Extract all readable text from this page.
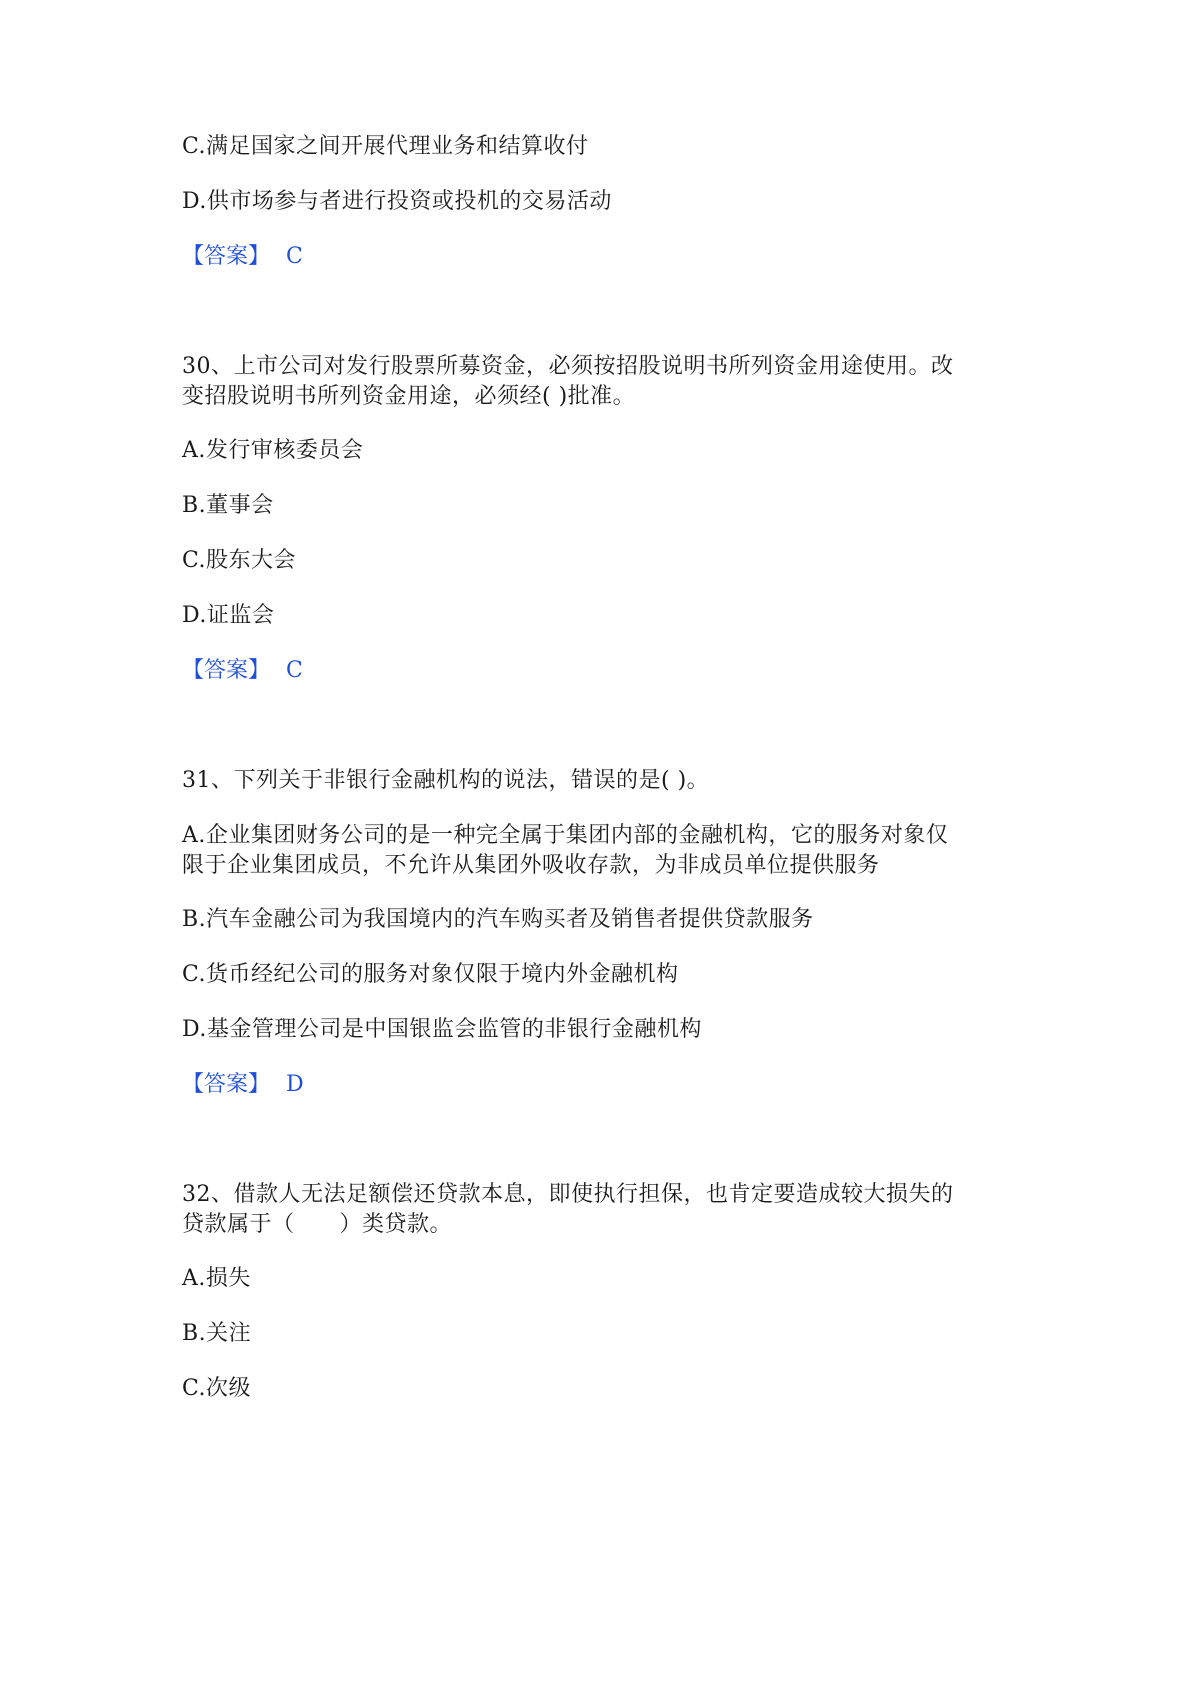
C.满足国家之间开展代理业务和结算收付
D.供市场参与者进行投资或投机的交易活动
【答案】 C
30、上市公司对发行股票所募资金，必须按招股说明书所列资金用途使用。改
变招股说明书所列资金用途，必须经( )批准。
A.发行审核委员会
B.董事会
C.股东大会
D.证监会
【答案】 C
31、下列关于非银行金融机构的说法，错误的是( )。
A.企业集团财务公司的是一种完全属于集团内部的金融机构，它的服务对象仅
限于企业集团成员，不允许从集团外吸收存款，为非成员单位提供服务
B.汽车金融公司为我国境内的汽车购买者及销售者提供贷款服务
C.货币经纪公司的服务对象仅限于境内外金融机构
D.基金管理公司是中国银监会监管的非银行金融机构
【答案】 D
32、借款人无法足额偿还贷款本息，即使执行担保，也肯定要造成较大损失的
贷款属于（　　）类贷款。
A.损失
B.关注
C.次级
